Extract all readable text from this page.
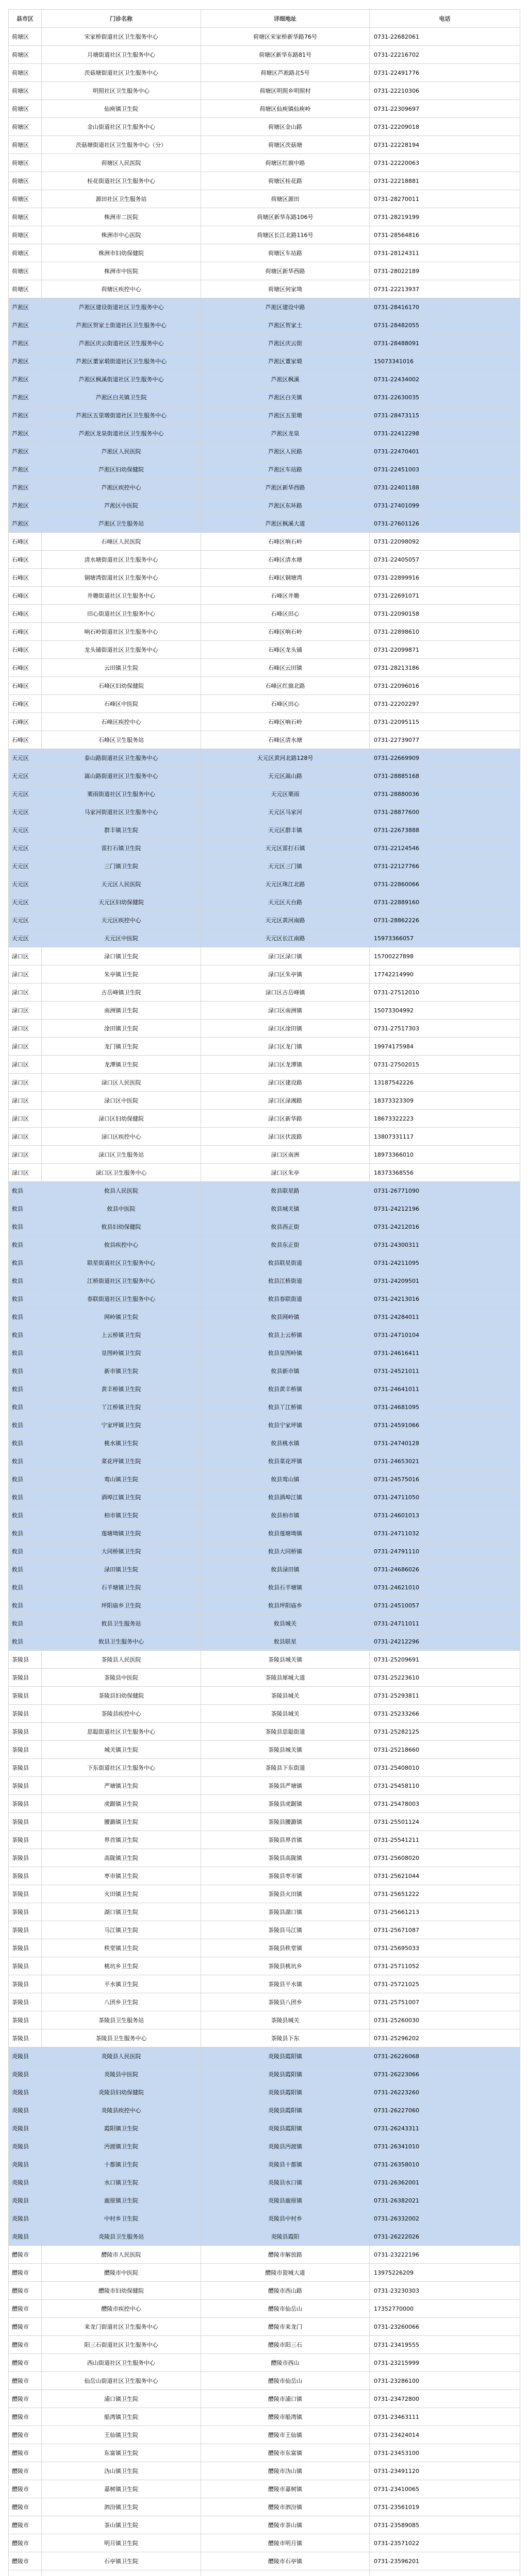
县市区	门诊名称	详细地址	电话
荷塘区	宋家桥街道社区卫生服务中心	荷塘区宋家桥新华路76号	0731-22682061
荷塘区	月塘街道社区卫生服务中心	荷塘区新华东路81号	0731-22216702
荷塘区	茨菇塘街道社区卫生服务中心	荷塘区芦淞路北5号	0731-22491776
荷塘区	明照社区卫生服务中心	荷塘区明照乡明照村	0731-22210306
荷塘区	仙庾镇卫生院	荷塘区仙庾镇仙庾岭	0731-22309697
荷塘区	金山街道社区卫生服务中心	荷塘区金山路	0731-22209018
荷塘区	茨菇塘街道社区卫生服务中心（分）	荷塘区茨菇塘	0731-22228194
荷塘区	荷塘区人民医院	荷塘区红旗中路	0731-22220063
荷塘区	桂花街道社区卫生服务中心	荷塘区桂花路	0731-22218881
荷塘区	源田社区卫生服务站	荷塘区源田	0731-28270011
荷塘区	株洲市二医院	荷塘区新华东路106号	0731-28219199
荷塘区	株洲市中心医院	荷塘区长江北路116号	0731-28564816
荷塘区	株洲市妇幼保健院	荷塘区车站路	0731-28124311
荷塘区	株洲市中医院	荷塘区新华西路	0731-28022189
荷塘区	荷塘区疾控中心	荷塘区何家坳	0731-22213937
芦淞区	芦淞区建设街道社区卫生服务中心	芦淞区建设中路	0731-28416170
芦淞区	芦淞区贺家土街道社区卫生服务中心	芦淞区贺家土	0731-28482055
芦淞区	芦淞区庆云街道社区卫生服务中心	芦淞区庆云街	0731-28488091
芦淞区	芦淞区董家塅街道社区卫生服务中心	芦淞区董家塅	15073341016
芦淞区	芦淞区枫溪街道社区卫生服务中心	芦淞区枫溪	0731-22434002
芦淞区	芦淞区白关镇卫生院	芦淞区白关镇	0731-22630035
芦淞区	芦淞区五里墩街道社区卫生服务中心	芦淞区五里墩	0731-28473115
芦淞区	芦淞区龙泉街道社区卫生服务中心	芦淞区龙泉	0731-22412298
芦淞区	芦淞区人民医院	芦淞区人民路	0731-22470401
芦淞区	芦淞区妇幼保健院	芦淞区车站路	0731-22451003
芦淞区	芦淞区疾控中心	芦淞区新华西路	0731-22401188
芦淞区	芦淞区中医院	芦淞区东环路	0731-27401099
芦淞区	芦淞区卫生服务站	芦淞区枫溪大道	0731-27601126
石峰区	石峰区人民医院	石峰区响石岭	0731-22098092
石峰区	清水塘街道社区卫生服务中心	石峰区清水塘	0731-22405057
石峰区	铜塘湾街道社区卫生服务中心	石峰区铜塘湾	0731-22899916
石峰区	井墈街道社区卫生服务中心	石峰区井墈	0731-22691071
石峰区	田心街道社区卫生服务中心	石峰区田心	0731-22090158
石峰区	响石岭街道社区卫生服务中心	石峰区响石岭	0731-22898610
石峰区	龙头铺街道社区卫生服务中心	石峰区龙头铺	0731-22099871
石峰区	云田镇卫生院	石峰区云田镇	0731-28213186
石峰区	石峰区妇幼保健院	石峰区红旗北路	0731-22096016
石峰区	石峰区中医院	石峰区田心	0731-22202297
石峰区	石峰区疾控中心	石峰区响石岭	0731-22095115
石峰区	石峰区卫生服务站	石峰区清水塘	0731-22739077
天元区	泰山路街道社区卫生服务中心	天元区黄河北路128号	0731-22669909
天元区	嵩山路街道社区卫生服务中心	天元区嵩山路	0731-28885168
天元区	栗雨街道社区卫生服务中心	天元区栗雨	0731-28880036
天元区	马家河街道社区卫生服务中心	天元区马家河	0731-28877600
天元区	群丰镇卫生院	天元区群丰镇	0731-22673888
天元区	雷打石镇卫生院	天元区雷打石镇	0731-22124546
天元区	三门镇卫生院	天元区三门镇	0731-22127766
天元区	天元区人民医院	天元区珠江北路	0731-22860066
天元区	天元区妇幼保健院	天元区天台路	0731-22889160
天元区	天元区疾控中心	天元区黄河南路	0731-28862226
天元区	天元区中医院	天元区长江南路	15973366057
渌口区	渌口镇卫生院	渌口区渌口镇	15700227898
渌口区	朱亭镇卫生院	渌口区朱亭镇	17742214990
渌口区	古岳峰镇卫生院	渌口区古岳峰镇	0731-27512010
渌口区	南洲镇卫生院	渌口区南洲镇	15073304992
渌口区	淦田镇卫生院	渌口区淦田镇	0731-27517303
渌口区	龙门镇卫生院	渌口区龙门镇	19974175984
渌口区	龙潭镇卫生院	渌口区龙潭镇	0731-27502015
渌口区	渌口区人民医院	渌口区建设路	13187542226
渌口区	渌口区中医院	渌口区渌湘路	18373323309
渌口区	渌口区妇幼保健院	渌口区新华路	18673322223
渌口区	渌口区疾控中心	渌口区伏波路	13807331117
渌口区	渌口区卫生服务站	渌口区南洲	18973366010
渌口区	渌口区卫生服务中心	渌口区朱亭	18373368556
攸县	攸县人民医院	攸县联星路	0731-26771090
攸县	攸县中医院	攸县城关镇	0731-24212196
攸县	攸县妇幼保健院	攸县西正街	0731-24212016
攸县	攸县疾控中心	攸县东正街	0731-24300311
攸县	联星街道社区卫生服务中心	攸县联星街道	0731-24211095
攸县	江桥街道社区卫生服务中心	攸县江桥街道	0731-24209501
攸县	春联街道社区卫生服务中心	攸县春联街道	0731-24213016
攸县	网岭镇卫生院	攸县网岭镇	0731-24284011
攸县	上云桥镇卫生院	攸县上云桥镇	0731-24710104
攸县	皇图岭镇卫生院	攸县皇图岭镇	0731-24616411
攸县	新市镇卫生院	攸县新市镇	0731-24521011
攸县	黄丰桥镇卫生院	攸县黄丰桥镇	0731-24641011
攸县	丫江桥镇卫生院	攸县丫江桥镇	0731-24681095
攸县	宁家坪镇卫生院	攸县宁家坪镇	0731-24591066
攸县	桃水镇卫生院	攸县桃水镇	0731-24740128
攸县	菜花坪镇卫生院	攸县菜花坪镇	0731-24653021
攸县	鸾山镇卫生院	攸县鸾山镇	0731-24575016
攸县	酒埠江镇卫生院	攸县酒埠江镇	0731-24711050
攸县	柏市镇卫生院	攸县柏市镇	0731-24601013
攸县	莲塘坳镇卫生院	攸县莲塘坳镇	0731-24711032
攸县	大同桥镇卫生院	攸县大同桥镇	0731-24791110
攸县	渌田镇卫生院	攸县渌田镇	0731-24686026
攸县	石羊塘镇卫生院	攸县石羊塘镇	0731-24621010
攸县	坪阳庙乡卫生院	攸县坪阳庙乡	0731-24510057
攸县	攸县卫生服务站	攸县城关	0731-24711011
攸县	攸县卫生服务中心	攸县联星	0731-24212296
茶陵县	茶陵县人民医院	茶陵县城关镇	0731-25209691
茶陵县	茶陵县中医院	茶陵县犀城大道	0731-25223610
茶陵县	茶陵县妇幼保健院	茶陵县城关	0731-25293811
茶陵县	茶陵县疾控中心	茶陵县城关	0731-25233266
茶陵县	思聪街道社区卫生服务中心	茶陵县思聪街道	0731-25282125
茶陵县	城关镇卫生院	茶陵县城关镇	0731-25218660
茶陵县	下东街道社区卫生服务中心	茶陵县下东街道	0731-25408010
茶陵县	严塘镇卫生院	茶陵县严塘镇	0731-25458110
茶陵县	虎踞镇卫生院	茶陵县虎踞镇	0731-25478003
茶陵县	腰潞镇卫生院	茶陵县腰潞镇	0731-25501124
茶陵县	界首镇卫生院	茶陵县界首镇	0731-25541211
茶陵县	高陇镇卫生院	茶陵县高陇镇	0731-25608020
茶陵县	枣市镇卫生院	茶陵县枣市镇	0731-25621044
茶陵县	火田镇卫生院	茶陵县火田镇	0731-25651222
茶陵县	湖口镇卫生院	茶陵县湖口镇	0731-25661213
茶陵县	马江镇卫生院	茶陵县马江镇	0731-25671087
茶陵县	秩堂镇卫生院	茶陵县秩堂镇	0731-25695033
茶陵县	桃坑乡卫生院	茶陵县桃坑乡	0731-25711052
茶陵县	平水镇卫生院	茶陵县平水镇	0731-25721025
茶陵县	八团乡卫生院	茶陵县八团乡	0731-25751007
茶陵县	茶陵县卫生服务站	茶陵县城关	0731-25260030
茶陵县	茶陵县卫生服务中心	茶陵县下东	0731-25296202
炎陵县	炎陵县人民医院	炎陵县霞阳镇	0731-26226068
炎陵县	炎陵县中医院	炎陵县霞阳镇	0731-26223066
炎陵县	炎陵县妇幼保健院	炎陵县霞阳镇	0731-26223260
炎陵县	炎陵县疾控中心	炎陵县霞阳镇	0731-26227060
炎陵县	霞阳镇卫生院	炎陵县霞阳镇	0731-26243311
炎陵县	沔渡镇卫生院	炎陵县沔渡镇	0731-26341010
炎陵县	十都镇卫生院	炎陵县十都镇	0731-26358010
炎陵县	水口镇卫生院	炎陵县水口镇	0731-26362001
炎陵县	鹿原镇卫生院	炎陵县鹿原镇	0731-26382021
炎陵县	中村乡卫生院	炎陵县中村乡	0731-26332002
炎陵县	炎陵县卫生服务站	炎陵县霞阳	0731-26222026
醴陵市	醴陵市人民医院	醴陵市解放路	0731-23222196
醴陵市	醴陵市中医院	醴陵市瓷城大道	13975226209
醴陵市	醴陵市妇幼保健院	醴陵市西山路	0731-23230303
醴陵市	醴陵市疾控中心	醴陵市仙岳山	17352770000
醴陵市	来龙门街道社区卫生服务中心	醴陵市来龙门	0731-23260066
醴陵市	阳三石街道社区卫生服务中心	醴陵市阳三石	0731-23419555
醴陵市	西山街道社区卫生服务中心	醴陵市西山	0731-23215999
醴陵市	仙岳山街道社区卫生服务中心	醴陵市仙岳山	0731-23286100
醴陵市	浦口镇卫生院	醴陵市浦口镇	0731-23472800
醴陵市	船湾镇卫生院	醴陵市船湾镇	0731-23463111
醴陵市	王仙镇卫生院	醴陵市王仙镇	0731-23424014
醴陵市	东富镇卫生院	醴陵市东富镇	0731-23453100
醴陵市	沩山镇卫生院	醴陵市沩山镇	0731-23491120
醴陵市	嘉树镇卫生院	醴陵市嘉树镇	0731-23410065
醴陵市	泗汾镇卫生院	醴陵市泗汾镇	0731-23561019
醴陵市	茶山镇卫生院	醴陵市茶山镇	0731-23589085
醴陵市	明月镇卫生院	醴陵市明月镇	0731-23571022
醴陵市	石亭镇卫生院	醴陵市石亭镇	0731-23596201
